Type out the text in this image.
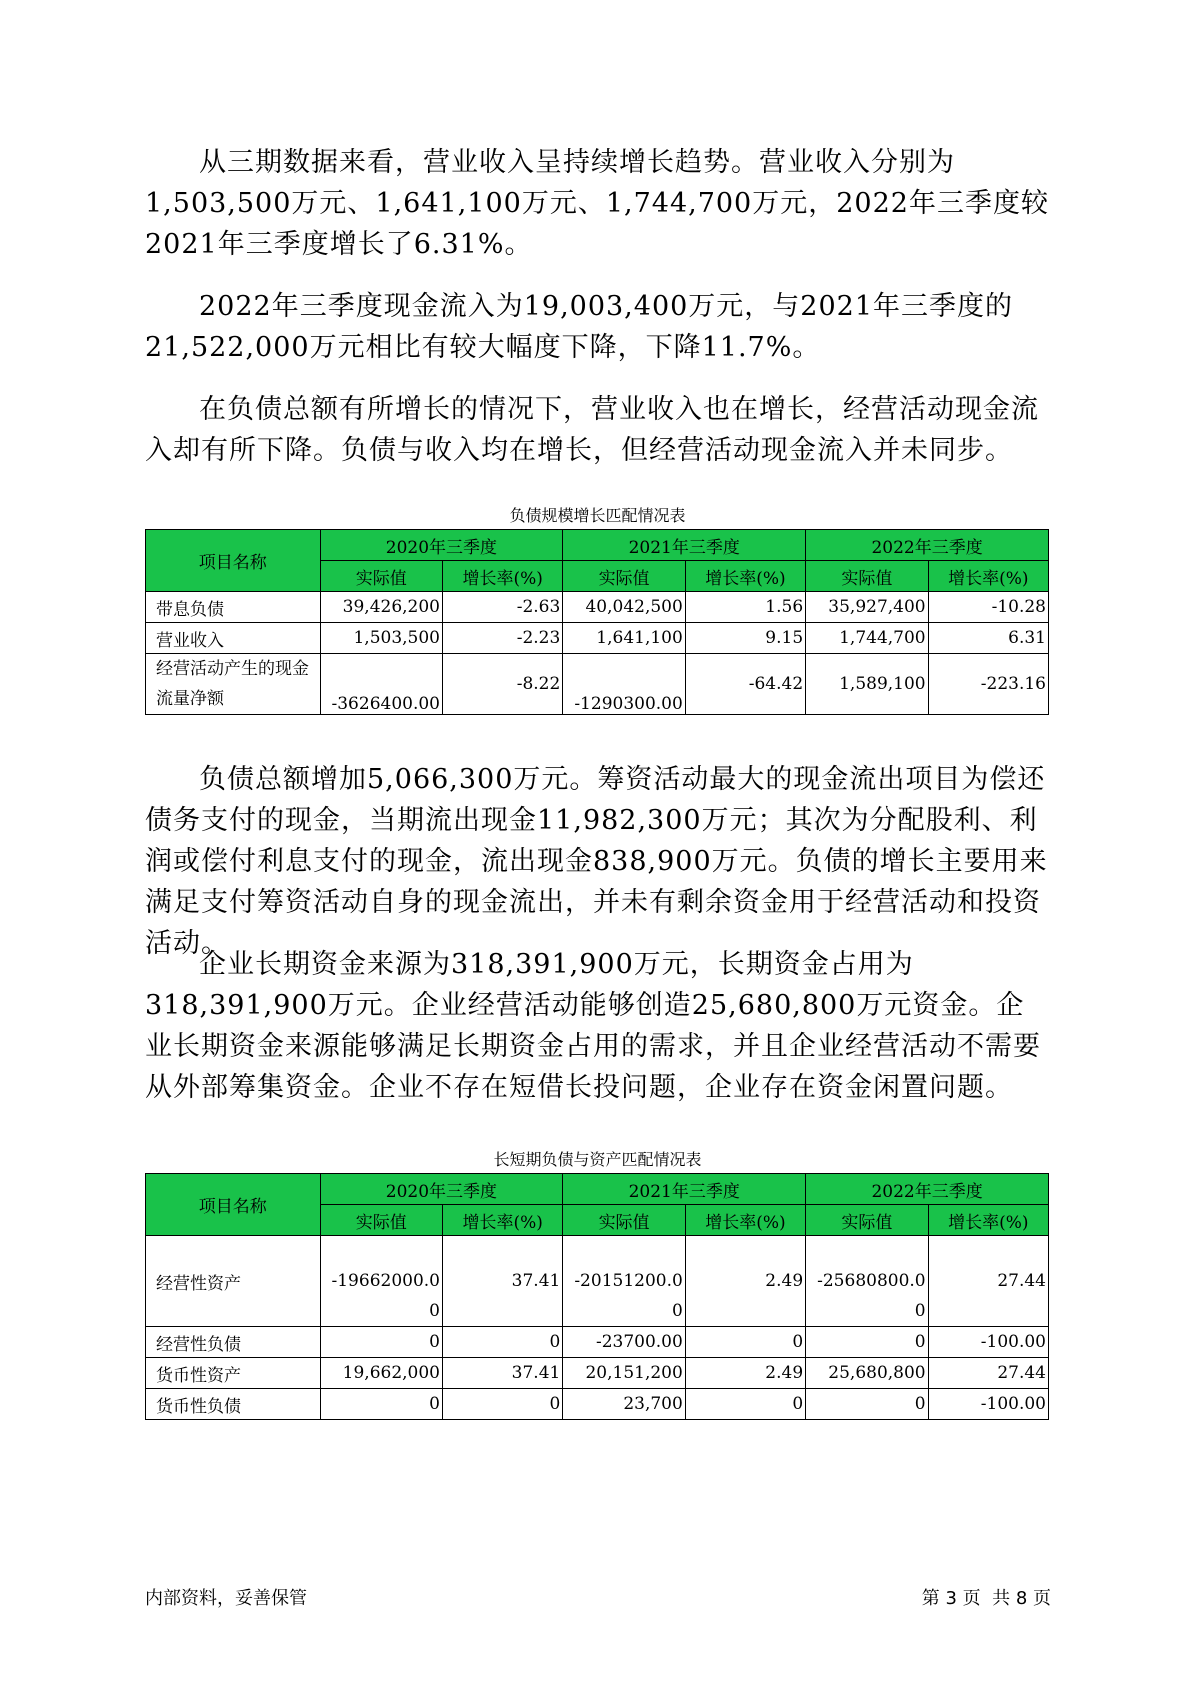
从三期数据来看，营业收入呈持续增长趋势。营业收入分别为1,503,500万元、1,641,100万元、1,744,700万元，2022年三季度较2021年三季度增长了6.31%。

2022年三季度现金流入为19,003,400万元，与2021年三季度的21,522,000万元相比有较大幅度下降，下降11.7%。

在负债总额有所增长的情况下，营业收入也在增长，经营活动现金流入却有所下降。负债与收入均在增长，但经营活动现金流入并未同步。

负债规模增长匹配情况表
项目名称	2020年三季度		2021年三季度		2022年三季度	
	实际值	增长率(%)	实际值	增长率(%)	实际值	增长率(%)
带息负债	39,426,200	-2.63	40,042,500	1.56	35,927,400	-10.28
营业收入	1,503,500	-2.23	1,641,100	9.15	1,744,700	6.31
经营活动产生的现金流量净额	-3626400.00	-8.22	-1290300.00	-64.42	1,589,100	-223.16

负债总额增加5,066,300万元。筹资活动最大的现金流出项目为偿还债务支付的现金，当期流出现金11,982,300万元；其次为分配股利、利润或偿付利息支付的现金，流出现金838,900万元。负债的增长主要用来满足支付筹资活动自身的现金流出，并未有剩余资金用于经营活动和投资活动。

企业长期资金来源为318,391,900万元，长期资金占用为318,391,900万元。企业经营活动能够创造25,680,800万元资金。企业长期资金来源能够满足长期资金占用的需求，并且企业经营活动不需要从外部筹集资金。企业不存在短借长投问题，企业存在资金闲置问题。

长短期负债与资产匹配情况表
项目名称	2020年三季度		2021年三季度		2022年三季度	
	实际值	增长率(%)	实际值	增长率(%)	实际值	增长率(%)
经营性资产	-19662000.00	37.41	-20151200.00	2.49	-25680800.00	27.44
经营性负债	0	0	-23700.00	0	0	-100.00
货币性资产	19,662,000	37.41	20,151,200	2.49	25,680,800	27.44
货币性负债	0	0	23,700	0	0	-100.00
内部资料，妥善保管	第 3 页  共 8 页
